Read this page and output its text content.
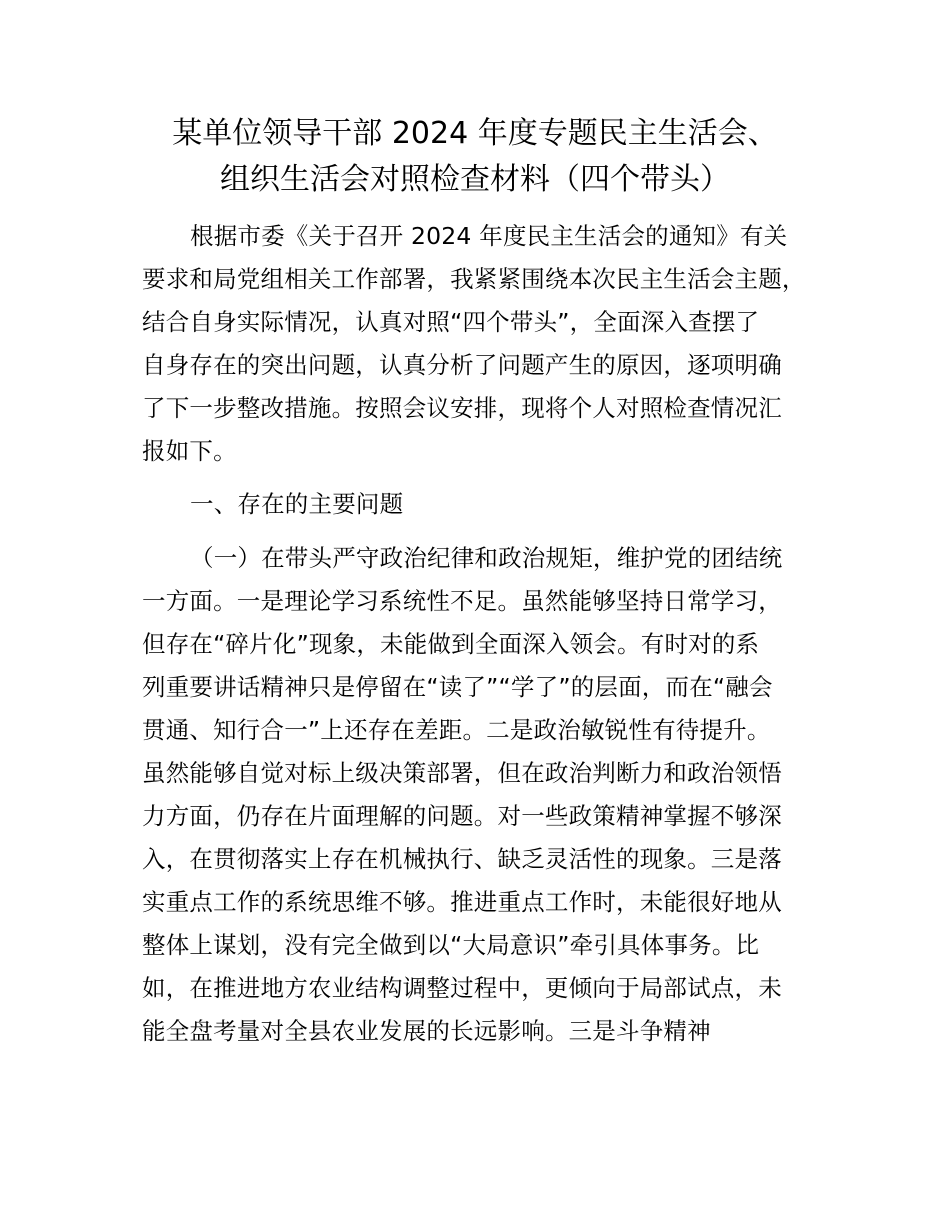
某单位领导干部 2024 年度专题民主生活会、
组织生活会对照检查材料（四个带头）
根据市委《关于召开 2024 年度民主生活会的通知》有关
要求和局党组相关工作部署，我紧紧围绕本次民主生活会主题，
结合自身实际情况，认真对照“四个带头”，全面深入查摆了
自身存在的突出问题，认真分析了问题产生的原因，逐项明确
了下一步整改措施。按照会议安排，现将个人对照检查情况汇
报如下。
一、存在的主要问题
（一）在带头严守政治纪律和政治规矩，维护党的团结统
一方面。一是理论学习系统性不足。虽然能够坚持日常学习，
但存在“碎片化”现象，未能做到全面深入领会。有时对的系
列重要讲话精神只是停留在“读了”“学了”的层面，而在“融会
贯通、知行合一”上还存在差距。二是政治敏锐性有待提升。
虽然能够自觉对标上级决策部署，但在政治判断力和政治领悟
力方面，仍存在片面理解的问题。对一些政策精神掌握不够深
入，在贯彻落实上存在机械执行、缺乏灵活性的现象。三是落
实重点工作的系统思维不够。推进重点工作时，未能很好地从
整体上谋划，没有完全做到以“大局意识”牵引具体事务。比
如，在推进地方农业结构调整过程中，更倾向于局部试点，未
能全盘考量对全县农业发展的长远影响。三是斗争精神
